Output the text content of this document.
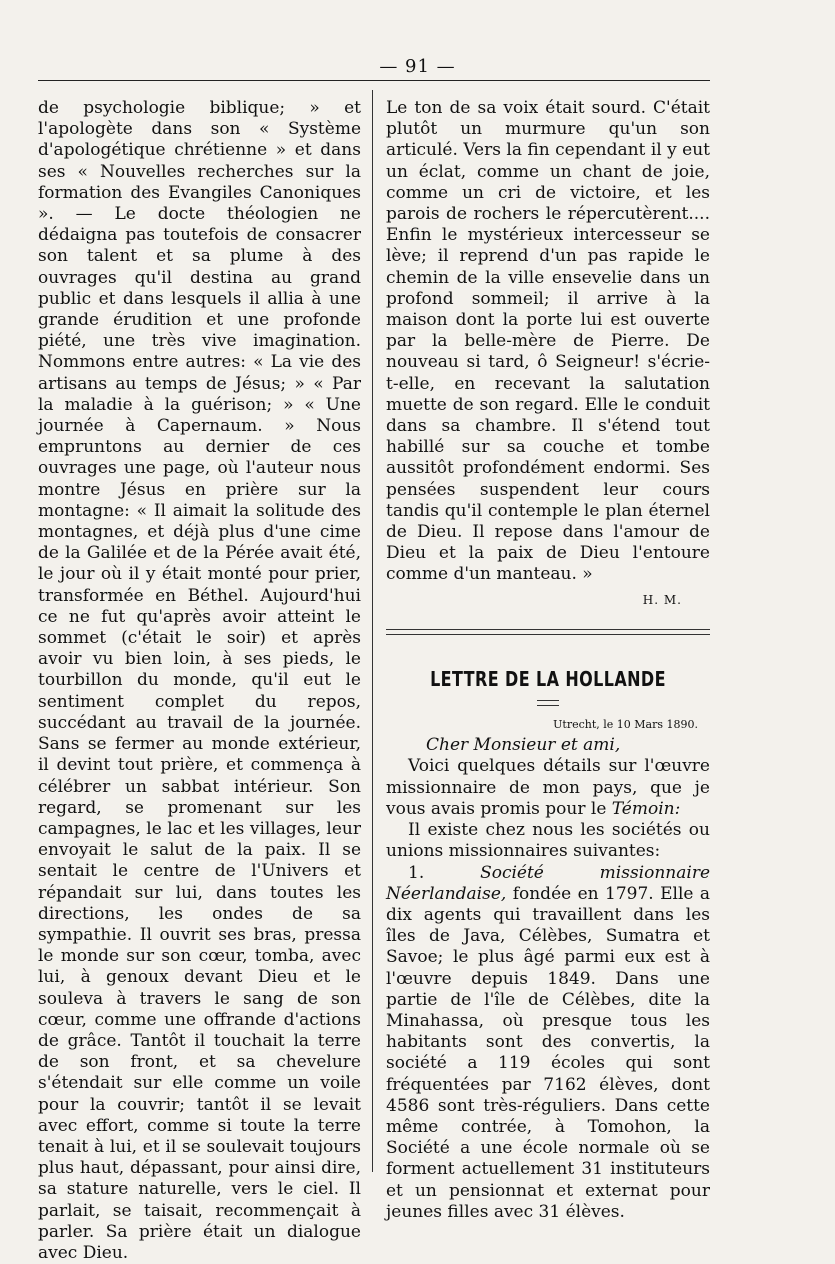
— 91 —

de psychologie biblique; » et l'apologète dans son « Système d'apologétique chrétienne » et dans ses « Nouvelles recherches sur la formation des Evangiles Canoniques ». — Le docte théologien ne dédaigna pas toutefois de consacrer son talent et sa plume à des ouvrages qu'il destina au grand public et dans lesquels il allia à une grande érudition et une profonde piété, une très vive imagination. Nommons entre autres: « La vie des artisans au temps de Jésus; » « Par la maladie à la guérison; » « Une journée à Capernaum. » Nous empruntons au dernier de ces ouvrages une page, où l'auteur nous montre Jésus en prière sur la montagne: « Il aimait la solitude des montagnes, et déjà plus d'une cime de la Galilée et de la Pérée avait été, le jour où il y était monté pour prier, transformée en Béthel. Aujourd'hui ce ne fut qu'après avoir atteint le sommet (c'était le soir) et après avoir vu bien loin, à ses pieds, le tourbillon du monde, qu'il eut le sentiment complet du repos, succédant au travail de la journée. Sans se fermer au monde extérieur, il devint tout prière, et commença à célébrer un sabbat intérieur. Son regard, se promenant sur les campagnes, le lac et les villages, leur envoyait le salut de la paix. Il se sentait le centre de l'Univers et répandait sur lui, dans toutes les directions, les ondes de sa sympathie. Il ouvrit ses bras, pressa le monde sur son cœur, tomba, avec lui, à genoux devant Dieu et le souleva à travers le sang de son cœur, comme une offrande d'actions de grâce. Tantôt il touchait la terre de son front, et sa chevelure s'étendait sur elle comme un voile pour la couvrir; tantôt il se levait avec effort, comme si toute la terre tenait à lui, et il se soulevait toujours plus haut, dépassant, pour ainsi dire, sa stature naturelle, vers le ciel. Il parlait, se taisait, recommençait à parler. Sa prière était un dialogue avec Dieu.

Le ton de sa voix était sourd. C'était plutôt un murmure qu'un son articulé. Vers la fin cependant il y eut un éclat, comme un chant de joie, comme un cri de victoire, et les parois de rochers le répercutèrent.... Enfin le mystérieux intercesseur se lève; il reprend d'un pas rapide le chemin de la ville ensevelie dans un profond sommeil; il arrive à la maison dont la porte lui est ouverte par la belle-mère de Pierre. De nouveau si tard, ô Seigneur! s'écrie-t-elle, en recevant la salutation muette de son regard. Elle le conduit dans sa chambre. Il s'étend tout habillé sur sa couche et tombe aussitôt profondément endormi. Ses pensées suspendent leur cours tandis qu'il contemple le plan éternel de Dieu. Il repose dans l'amour de Dieu et la paix de Dieu l'entoure comme d'un manteau. »

H. M.
LETTRE DE LA HOLLANDE
Utrecht, le 10 Mars 1890.

Cher Monsieur et ami,

Voici quelques détails sur l'œuvre missionnaire de mon pays, que je vous avais promis pour le Témoin:

Il existe chez nous les sociétés ou unions missionnaires suivantes:

1.	Société missionnaire Néerlandaise, fondée en 1797. Elle a dix agents qui travaillent dans les îles de Java, Célèbes, Sumatra et Savoe; le plus âgé parmi eux est à l'œuvre depuis 1849. Dans une partie de l'île de Célèbes, dite la Minahassa, où presque tous les habitants sont des convertis, la société a 119 écoles qui sont fréquentées par 7162 élèves, dont 4586 sont très-réguliers. Dans cette même contrée, à Tomohon, la Société a une école normale où se forment actuellement 31 instituteurs et un pensionnat et externat pour jeunes filles avec 31 élèves.
